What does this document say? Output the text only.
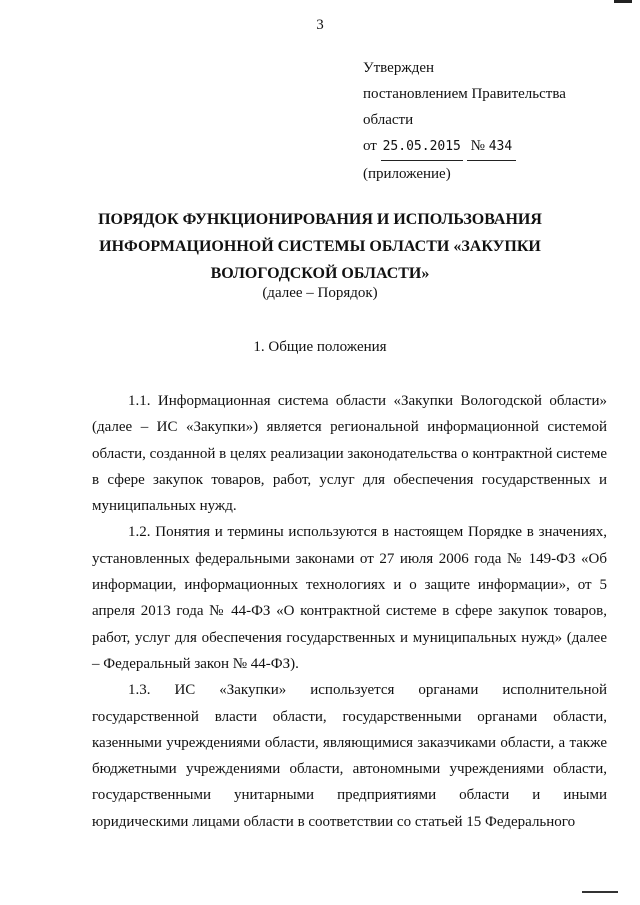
3
Утвержден
постановлением Правительства
области
от 25.05.2015 № 434
(приложение)
ПОРЯДОК ФУНКЦИОНИРОВАНИЯ И ИСПОЛЬЗОВАНИЯ
ИНФОРМАЦИОННОЙ СИСТЕМЫ ОБЛАСТИ «ЗАКУПКИ
ВОЛОГОДСКОЙ ОБЛАСТИ»
(далее – Порядок)
1. Общие положения

1.1. Информационная система области «Закупки Вологодской области» (далее – ИС «Закупки») является региональной информационной системой области, созданной в целях реализации законодательства о контрактной системе в сфере закупок товаров, работ, услуг для обеспечения государственных и муниципальных нужд.

1.2. Понятия и термины используются в настоящем Порядке в значениях, установленных федеральными законами от 27 июля 2006 года № 149-ФЗ «Об информации, информационных технологиях и о защите информации», от 5 апреля 2013 года № 44-ФЗ «О контрактной системе в сфере закупок товаров, работ, услуг для обеспечения государственных и муниципальных нужд» (далее – Федеральный закон № 44-ФЗ).

1.3. ИС «Закупки» используется органами исполнительной государственной власти области, государственными органами области, казенными учреждениями области, являющимися заказчиками области, а также бюджетными учреждениями области, автономными учреждениями области, государственными унитарными предприятиями области и иными юридическими лицами области в соответствии со статьей 15 Федерального
